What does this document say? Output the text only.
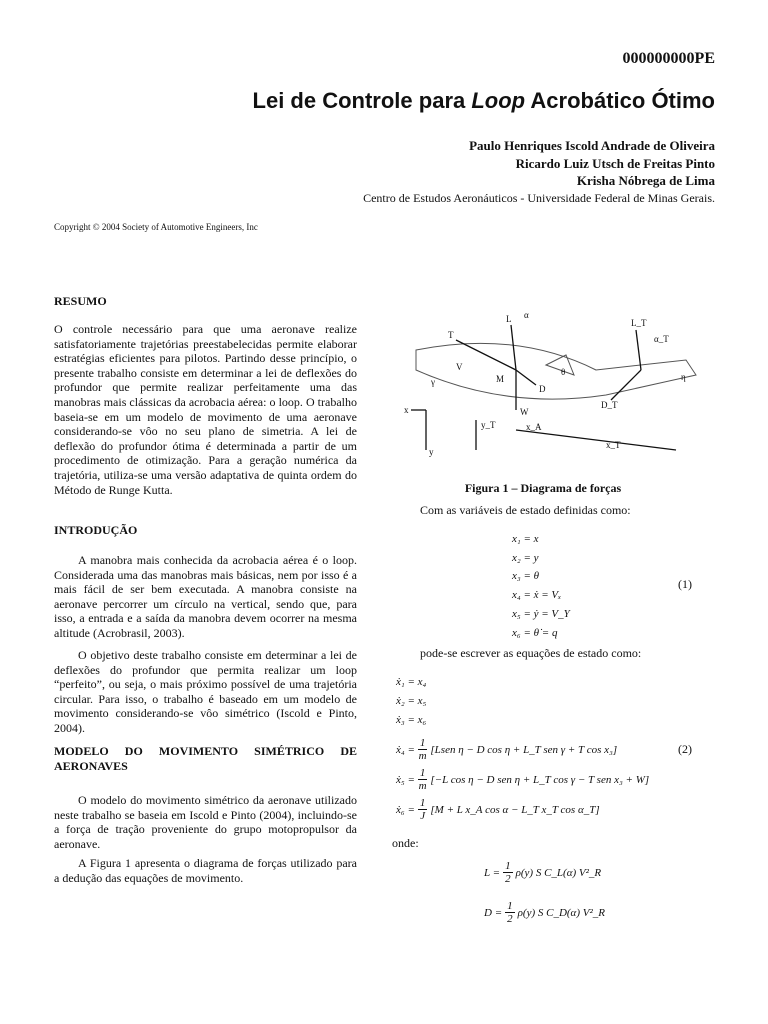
000000000PE
Lei de Controle para Loop Acrobático Ótimo
Paulo Henriques Iscold Andrade de Oliveira
Ricardo Luiz Utsch de Freitas Pinto
Krisha Nóbrega de Lima
Centro de Estudos Aeronáuticos - Universidade Federal de Minas Gerais.
Copyright © 2004 Society of Automotive Engineers, Inc
RESUMO
O controle necessário para que uma aeronave realize satisfatoriamente trajetórias preestabelecidas permite elaborar estratégias eficientes para pilotos. Partindo desse princípio, o presente trabalho consiste em determinar a lei de deflexões do profundor que permite realizar perfeitamente uma das manobras mais clássicas da acrobacia aérea: o loop. O trabalho baseia-se em um modelo de movimento de uma aeronave considerando-se vôo no seu plano de simetria. A lei de deflexão do profundor ótima é determinada a partir de um procedimento de otimização. Para a geração numérica da trajetória, utiliza-se uma versão adaptativa de quinta ordem do Método de Runge Kutta.
INTRODUÇÃO

A manobra mais conhecida da acrobacia aérea é o loop. Considerada uma das manobras mais básicas, nem por isso é a mais fácil de ser bem executada. A manobra consiste na aeronave percorrer um círculo na vertical, sendo que, para isso, a entrada e a saída da manobra devem ocorrer na mesma altitude (Acrobrasil, 2003).

O objetivo deste trabalho consiste em determinar a lei de deflexões do profundor que permita realizar um loop “perfeito”, ou seja, o mais próximo possível de uma trajetória circular. Para isso, o trabalho é baseado em um modelo de movimento considerando-se vôo simétrico (Iscold e Pinto, 2004).

MODELO DO MOVIMENTO SIMÉTRICO DE AERONAVES

O modelo do movimento simétrico da aeronave utilizado neste trabalho se baseia em Iscold e Pinto (2004), incluindo-se a força de tração proveniente do grupo motopropulsor da aeronave.

A Figura 1 apresenta o diagrama de forças utilizado para a dedução das equações de movimento.

T
L
D
W
M
α
θ
γ
x
y
x_A
x_T
y_T
L_T
D_T
α_T
η
V
Figura 1 – Diagrama de forças
Com as variáveis de estado definidas como:
x₁ = x
x₂ = y
x₃ = θ
x₄ = ẋ = Vₓ
x₅ = ẏ = V_Y
x₆ = θ̇ = q
(1)
pode-se escrever as equações de estado como:
ẋ₁ = x₄
ẋ₂ = x₅
ẋ₃ = x₆
ẋ₄ = $\frac{1}{m}$ [Lsen η − D cos η + L_T sen γ + T cos x₃]	(2)
ẋ₅ = $\frac{1}{m} [-L$ cos η − D sen η + L_T cos γ − T sen x₃ + W]
ẋ₆ = $\frac{1}{J} [M + L$ x_A cos α − L_T x_T cos α_T]
onde:
$L = \frac{1}{2} \rho(y)$ S C_L(α) V²_R
$D = \frac{1}{2} \rho(y)$ S C_D(α) V²_R
